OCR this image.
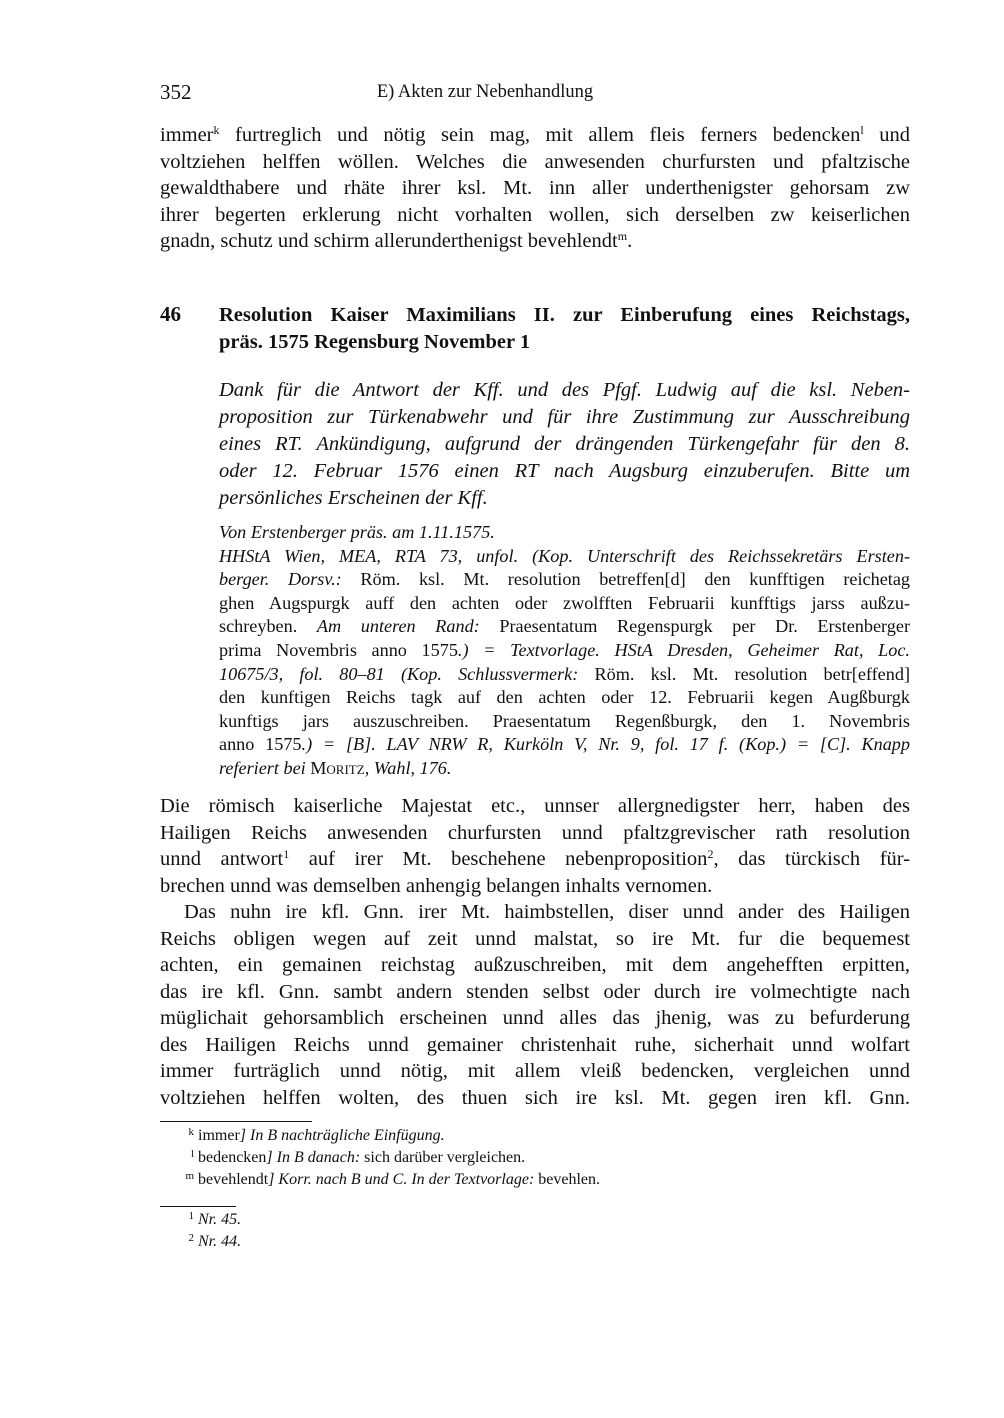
352	E) Akten zur Nebenhandlung
immer$^k$ furtreglich und nötig sein mag, mit allem fleis ferners bedencken$^l$ und
voltziehen helffen wöllen. Welches die anwesenden churfursten und pfaltzische
gewaldthabere und rhäte ihrer ksl. Mt. inn aller underthenigster gehorsam zw
ihrer begerten erklerung nicht vorhalten wollen, sich derselben zw keiserlichen
gnadn, schutz und schirm allerunderthenigst bevehlendt$^m$.
46 Resolution Kaiser Maximilians II. zur Einberufung eines Reichstags,
präs. 1575 Regensburg November 1
Dank für die Antwort der Kff. und des Pfgf. Ludwig auf die ksl. Neben-
proposition zur Türkenabwehr und für ihre Zustimmung zur Ausschreibung
eines RT. Ankündigung, aufgrund der drängenden Türkengefahr für den 8.
oder 12. Februar 1576 einen RT nach Augsburg einzuberufen. Bitte um
persönliches Erscheinen der Kff.
Von Erstenberger präs. am 1.11.1575.
HHStA Wien, MEA, RTA 73, unfol. (Kop. Unterschrift des Reichssekretärs Ersten-
berger. Dorsv.: Röm. ksl. Mt. resolution betreffen[d] den kunfftigen reichetag
ghen Augspurgk auff den achten oder zwolfften Februarii kunfftigs jarss außzu-
schreyben. Am unteren Rand: Praesentatum Regenspurgk per Dr. Erstenberger
prima Novembris anno 1575.) = Textvorlage. HStA Dresden, Geheimer Rat, Loc.
10675/3, fol. 80–81 (Kop. Schlussvermerk: Röm. ksl. Mt. resolution betr[effend]
den kunftigen Reichs tagk auf den achten oder 12. Februarii kegen Augßburgk
kunftigs jars auszuschreiben. Praesentatum Regenßburgk, den 1. Novembris
anno 1575.) = [B]. LAV NRW R, Kurköln V, Nr. 9, fol. 17 f. (Kop.) = [C]. Knapp
referiert bei Moritz, Wahl, 176.
Die römisch kaiserliche Majestat etc., unnser allergnedigster herr, haben des
Hailigen Reichs anwesenden churfursten unnd pfaltzgrevischer rath resolution
unnd antwort$^1$ auf irer Mt. beschehene nebenproposition$^2$, das türckisch für-
brechen unnd was demselben anhengig belangen inhalts vernomen.
Das nuhn ire kfl. Gnn. irer Mt. haimbstellen, diser unnd ander des Hailigen
Reichs obligen wegen auf zeit unnd malstat, so ire Mt. fur die bequemest
achten, ein gemainen reichstag außzuschreiben, mit dem angehefften erpitten,
das ire kfl. Gnn. sambt andern stenden selbst oder durch ire volmechtigte nach
müglichait gehorsamblich erscheinen unnd alles das jhenig, was zu befurderung
des Hailigen Reichs unnd gemainer christenhait ruhe, sicherhait unnd wolfart
immer furträglich unnd nötig, mit allem vleiß bedencken, vergleichen unnd
voltziehen helffen wolten, des thuen sich ire ksl. Mt. gegen iren kfl. Gnn.
k immer] In B nachträgliche Einfügung.
l bedencken] In B danach: sich darüber vergleichen.
m bevehlendt] Korr. nach B und C. In der Textvorlage: bevehlen.
1 Nr. 45.
2 Nr. 44.
